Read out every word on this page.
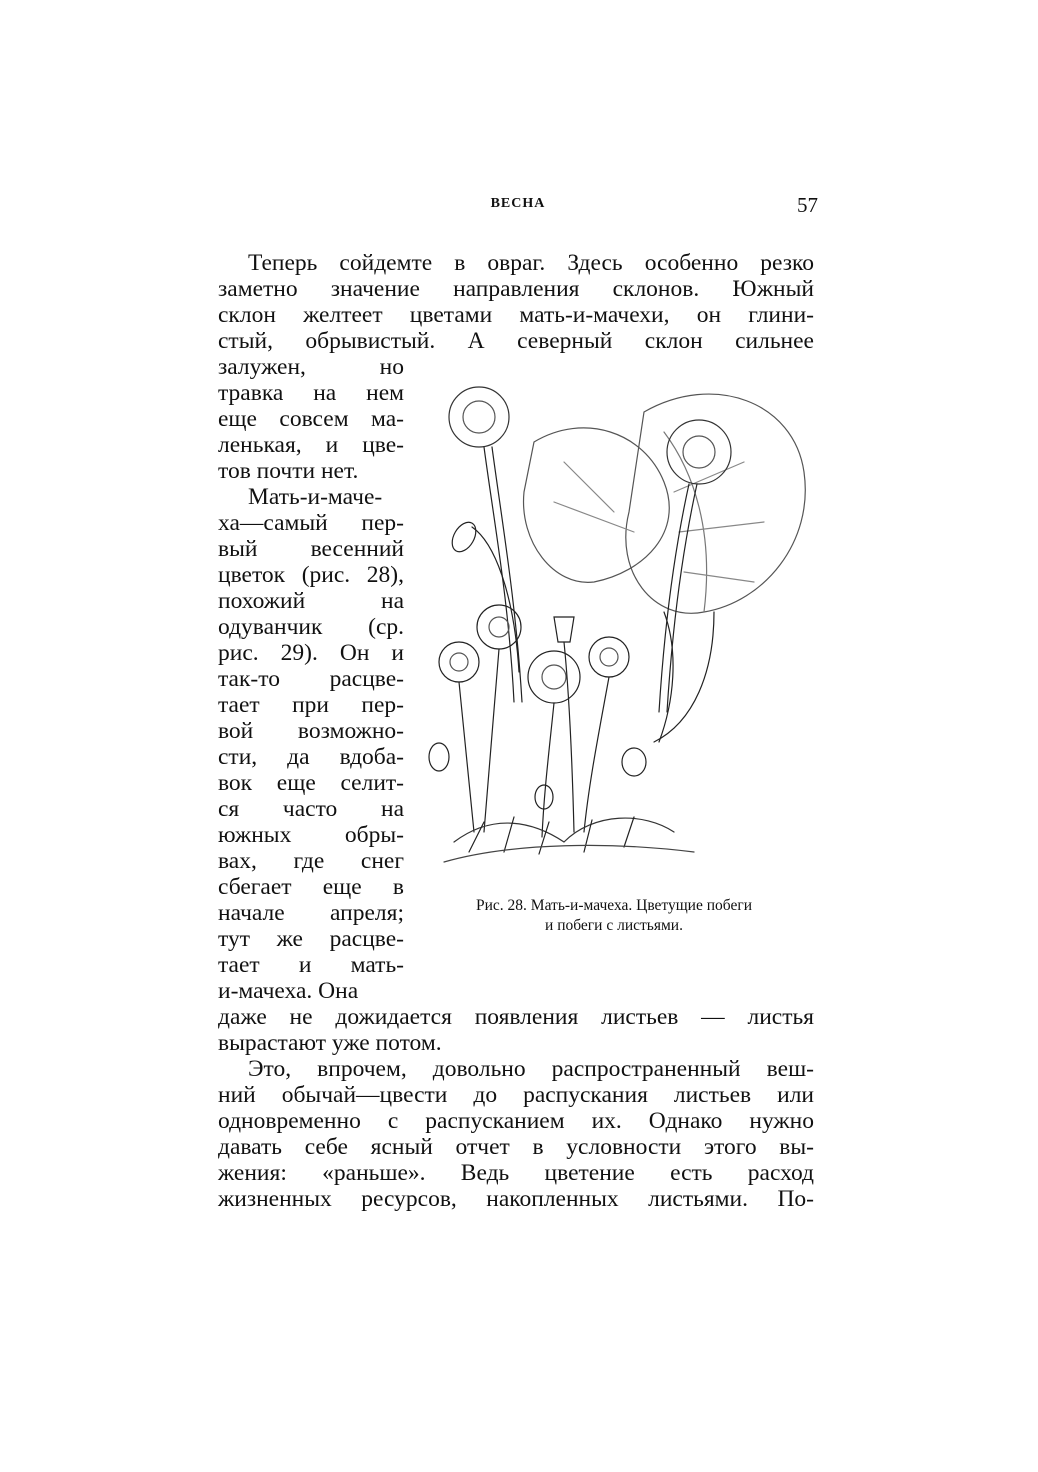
ВЕСНА	57
Теперь сойдемте в овраг. Здесь особенно резко
заметно значение направления склонов. Южный
склон желтеет цветами мать-и-мачехи, он глини-
стый, обрывистый. А северный склон сильнее
залужен, но
травка на нем
еще совсем ма-
ленькая, и цве-
тов почти нет.
Мать-и-маче-
ха—самый пер-
вый весенний
цветок (рис. 28),
похожий на
одуванчик (ср.
рис. 29). Он и
так-то расцве-
тает при пер-
вой возможно-
сти, да вдоба-
вок еще селит-
ся часто на
южных обры-
вах, где снег
сбегает еще в
начале апреля;
тут же расцве-
тает и мать-
и-мачеха. Она
даже не дожидается появления листьев — листья
вырастают уже потом.
Это, впрочем, довольно распространенный веш-
ний обычай—цвести до распускания листьев или
одновременно с распусканием их. Однако нужно
давать себе ясный отчет в условности этого вы-
жения: «раньше». Ведь цветение есть расход
жизненных ресурсов, накопленных листьями. По-
Рис. 28. Мать-и-мачеха. Цветущие побеги
и побеги с листьями.
